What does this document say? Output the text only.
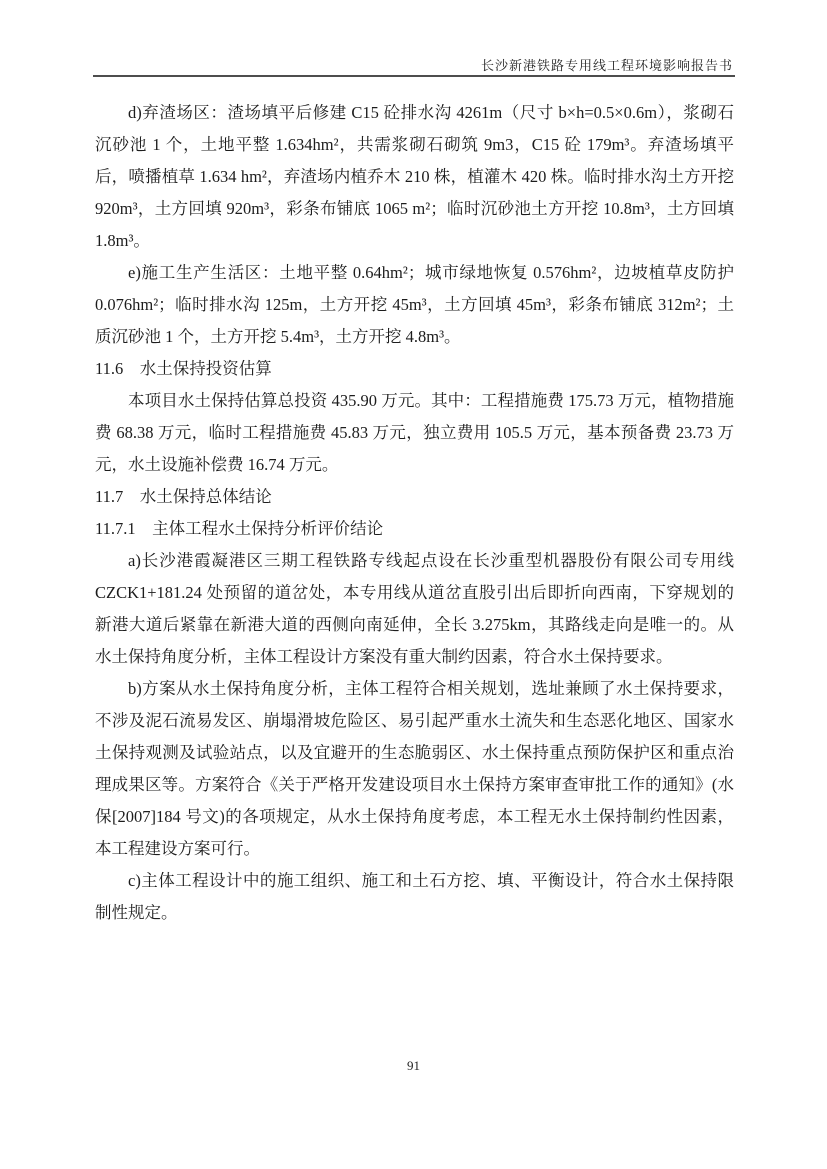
长沙新港铁路专用线工程环境影响报告书

d)弃渣场区：渣场填平后修建 C15 砼排水沟 4261m（尺寸 b×h=0.5×0.6m），浆砌石沉砂池 1 个，土地平整 1.634hm²，共需浆砌石砌筑 9m3，C15 砼 179m³。弃渣场填平后，喷播植草 1.634 hm²，弃渣场内植乔木 210 株，植灌木 420 株。临时排水沟土方开挖 920m³，土方回填 920m³，彩条布铺底 1065 m²；临时沉砂池土方开挖 10.8m³，土方回填 1.8m³。

e)施工生产生活区：土地平整 0.64hm²；城市绿地恢复 0.576hm²，边坡植草皮防护 0.076hm²；临时排水沟 125m，土方开挖 45m³，土方回填 45m³，彩条布铺底 312m²；土质沉砂池 1 个，土方开挖 5.4m³，土方开挖 4.8m³。

11.6　水土保持投资估算

本项目水土保持估算总投资 435.90 万元。其中：工程措施费 175.73 万元，植物措施费 68.38 万元，临时工程措施费 45.83 万元，独立费用 105.5 万元，基本预备费 23.73 万元，水土设施补偿费 16.74 万元。

11.7　水土保持总体结论

11.7.1　主体工程水土保持分析评价结论

a)长沙港霞凝港区三期工程铁路专线起点设在长沙重型机器股份有限公司专用线CZCK1+181.24 处预留的道岔处，本专用线从道岔直股引出后即折向西南，下穿规划的新港大道后紧靠在新港大道的西侧向南延伸，全长 3.275km，其路线走向是唯一的。从水土保持角度分析，主体工程设计方案没有重大制约因素，符合水土保持要求。

b)方案从水土保持角度分析，主体工程符合相关规划，选址兼顾了水土保持要求，不涉及泥石流易发区、崩塌滑坡危险区、易引起严重水土流失和生态恶化地区、国家水土保持观测及试验站点，以及宜避开的生态脆弱区、水土保持重点预防保护区和重点治理成果区等。方案符合《关于严格开发建设项目水土保持方案审查审批工作的通知》(水保[2007]184 号文)的各项规定，从水土保持角度考虑，本工程无水土保持制约性因素，本工程建设方案可行。

c)主体工程设计中的施工组织、施工和土石方挖、填、平衡设计，符合水土保持限制性规定。

91
